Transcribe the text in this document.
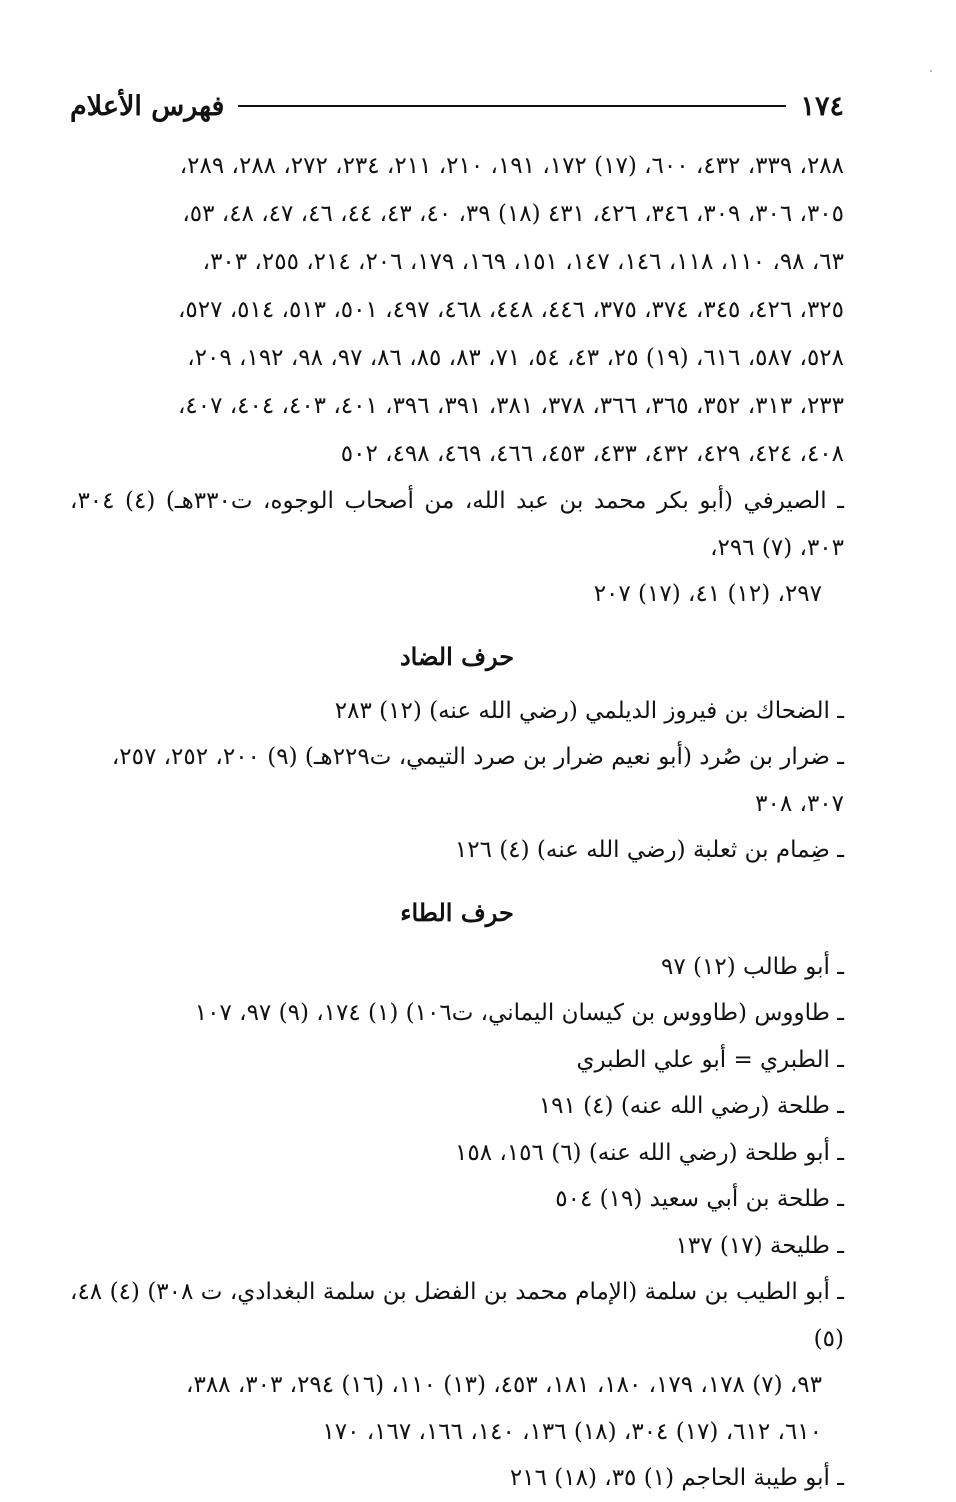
١٧٤
فهرس الأعلام

٢٨٨، ٣٣٩، ٤٣٢، ٦٠٠، (١٧) ١٧٢، ١٩١، ٢١٠، ٢١١، ٢٣٤، ٢٧٢، ٢٨٨، ٢٨٩،

٣٠٥، ٣٠٦، ٣٠٩، ٣٤٦، ٤٢٦، ٤٣١ (١٨) ٣٩، ٤٠، ٤٣، ٤٤، ٤٦، ٤٧، ٤٨، ٥٣،

٦٣، ٩٨، ١١٠، ١١٨، ١٤٦، ١٤٧، ١٥١، ١٦٩، ١٧٩، ٢٠٦، ٢١٤، ٢٥٥، ٣٠٣،

٣٢٥، ٤٢٦، ٣٤٥، ٣٧٤، ٣٧٥، ٤٤٦، ٤٤٨، ٤٦٨، ٤٩٧، ٥٠١، ٥١٣، ٥١٤، ٥٢٧،

٥٢٨، ٥٨٧، ٦١٦، (١٩) ٢٥، ٤٣، ٥٤، ٧١، ٨٣، ٨٥، ٨٦، ٩٧، ٩٨، ١٩٢، ٢٠٩،

٢٣٣، ٣١٣، ٣٥٢، ٣٦٥، ٣٦٦، ٣٧٨، ٣٨١، ٣٩١، ٣٩٦، ٤٠١، ٤٠٣، ٤٠٤، ٤٠٧،

٤٠٨، ٤٢٤، ٤٢٩، ٤٣٢، ٤٣٣، ٤٥٣، ٤٦٦، ٤٦٩، ٤٩٨، ٥٠٢

ـ الصيرفي (أبو بكر محمد بن عبد الله، من أصحاب الوجوه، ت٣٣٠هـ) (٤) ٣٠٤، ٣٠٣، (٧) ٢٩٦،

٢٩٧، (١٢) ٤١، (١٧) ٢٠٧

حرف الضاد

ـ الضحاك بن فيروز الديلمي (رضي الله عنه) (١٢) ٢٨٣

ـ ضرار بن صُرد (أبو نعيم ضرار بن صرد التيمي، ت٢٢٩هـ) (٩) ٢٠٠، ٢٥٢، ٢٥٧، ٣٠٧، ٣٠٨

ـ ضِمام بن ثعلبة (رضي الله عنه) (٤) ١٢٦

حرف الطاء

ـ أبو طالب (١٢) ٩٧

ـ طاووس (طاووس بن كيسان اليماني، ت١٠٦) (١) ١٧٤، (٩) ٩٧، ١٠٧

ـ الطبري = أبو علي الطبري

ـ طلحة (رضي الله عنه) (٤) ١٩١

ـ أبو طلحة (رضي الله عنه) (٦) ١٥٦، ١٥٨

ـ طلحة بن أبي سعيد (١٩) ٥٠٤

ـ طليحة (١٧) ١٣٧

ـ أبو الطيب بن سلمة (الإمام محمد بن الفضل بن سلمة البغدادي، ت ٣٠٨) (٤) ٤٨، (٥)

٩٣، (٧) ١٧٨، ١٧٩، ١٨٠، ١٨١، ٤٥٣، (١٣) ١١٠، (١٦) ٢٩٤، ٣٠٣، ٣٨٨،

٦١٠، ٦١٢، (١٧) ٣٠٤، (١٨) ١٣٦، ١٤٠، ١٦٦، ١٦٧، ١٧٠

ـ أبو طيبة الحاجم (١) ٣٥، (١٨) ٢١٦
